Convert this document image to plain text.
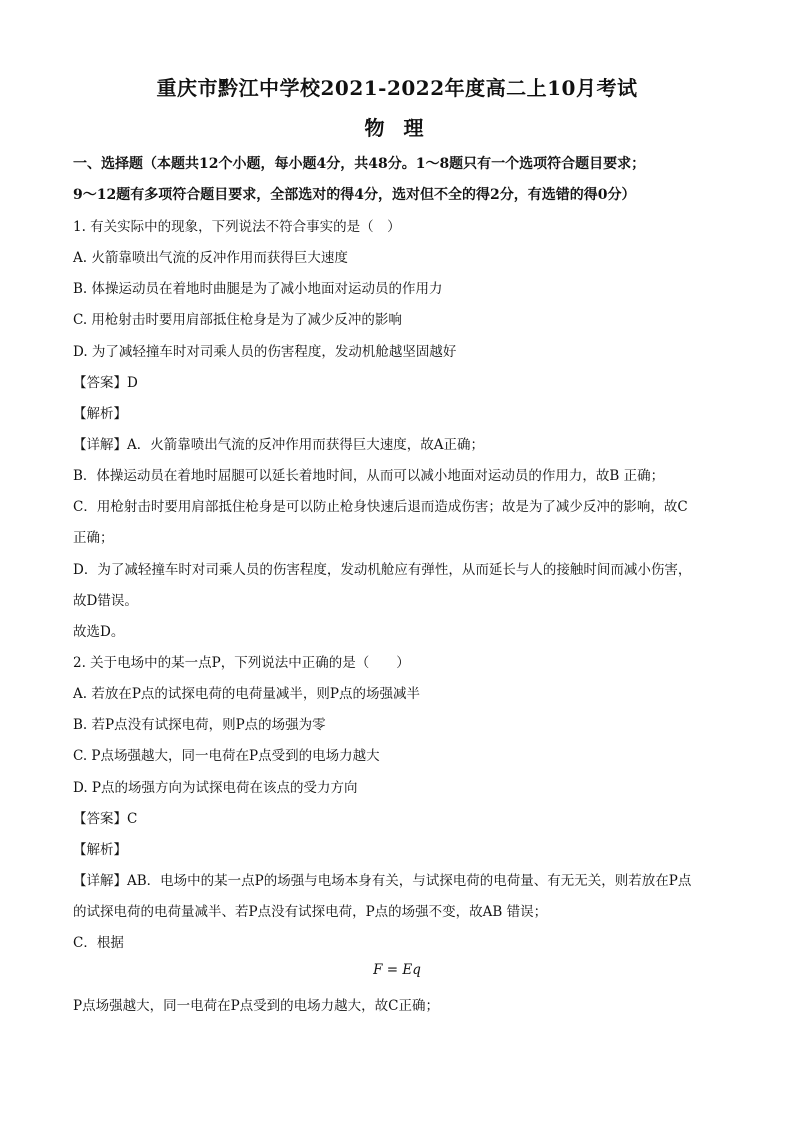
重庆市黔江中学校2021-2022年度高二上10月考试
物 理
一、选择题（本题共12个小题，每小题4分，共48分。1～8题只有一个选项符合题目要求；
9～12题有多项符合题目要求，全部选对的得4分，选对但不全的得2分，有选错的得0分）
1. 有关实际中的现象，下列说法不符合事实的是（　）
A. 火箭靠喷出气流的反冲作用而获得巨大速度
B. 体操运动员在着地时曲腿是为了减小地面对运动员的作用力
C. 用枪射击时要用肩部抵住枪身是为了减少反冲的影响
D. 为了减轻撞车时对司乘人员的伤害程度，发动机舱越坚固越好
【答案】D
【解析】
【详解】A．火箭靠喷出气流的反冲作用而获得巨大速度，故A正确；
B．体操运动员在着地时屈腿可以延长着地时间，从而可以减小地面对运动员的作用力，故B 正确；
C．用枪射击时要用肩部抵住枪身是可以防止枪身快速后退而造成伤害；故是为了减少反冲的影响，故C
正确；
D．为了减轻撞车时对司乘人员的伤害程度，发动机舱应有弹性，从而延长与人的接触时间而减小伤害，
故D错误。
故选D。
2. 关于电场中的某一点P，下列说法中正确的是（　　）
A. 若放在P点的试探电荷的电荷量减半，则P点的场强减半
B. 若P点没有试探电荷，则P点的场强为零
C. P点场强越大，同一电荷在P点受到的电场力越大
D. P点的场强方向为试探电荷在该点的受力方向
【答案】C
【解析】
【详解】AB．电场中的某一点P的场强与电场本身有关，与试探电荷的电荷量、有无无关，则若放在P点
的试探电荷的电荷量减半、若P点没有试探电荷，P点的场强不变，故AB 错误；
C．根据
F = Eq
P点场强越大，同一电荷在P点受到的电场力越大，故C正确；
